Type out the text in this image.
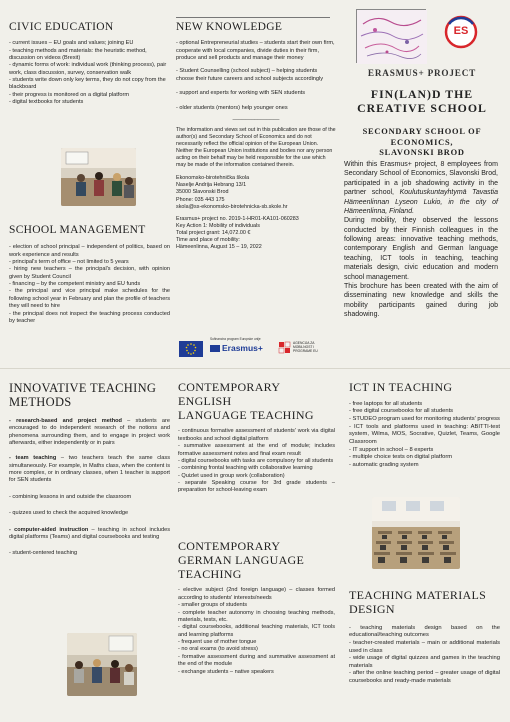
CIVIC EDUCATION

- current issues – EU goals and values; joining EU

- teaching methods and materials: the heuristic method, discussion on videos (Brexit)

- dynamic forms of work: individual work (thinking process), pair work, class discussion, survey, conservation walk

- students write down only key terms, they do not copy from the blackboard

- their progress is monitored on a digital platform

- digital textbooks for students

SCHOOL MANAGEMENT

- election of school principal – independent of politics, based on work experience and results

- principal's term of office – not limited to 5 years

- hiring new teachers – the principal's decision, with opinion given by Student Council

- financing – by the competent ministry and EU funds

- the principal and vice principal make schedules for the following school year in February and plan the profile of teachers they will need to hire

- the principal does not inspect the teaching process conducted by teacher

NEW KNOWLEDGE

- optional Entrepreneurial studies – students start their own firm, cooperate with local companies, divide duties in their firm, produce and sell products and manage their money

- Student Counselling (school subject) – helping students choose their future careers and school subjects accordingly

- support and experts for working with SEN students

- older students (mentors) help younger ones

_______________
The information and views set out in this publication are those of the author(s) and Secondary School of Economics and do not necessarily reflect the official opinion of the European Union. Neither the European Union institutions and bodies nor any person acting on their behalf may be held responsible for the use which may be made of the information contained therein.
Ekonomsko-birotehnička škola
Naselje Andrija Hebrang 13/1
35000 Slavonski Brod
Phone: 035 443 175
skola@ss-ekonomsko-birotehnicka-sb.skole.hr
Erasmus+ project no. 2019-1-HR01-KA101-060283
Key Action 1: Mobility of individuals
Total project grant: 14,072.00 €
Time and place of mobility:
Hämeenlinna, August 15 – 19, 2022
Sufinancira program Europske unije
Erasmus+	AGENCIJA ZA MOBILNOST I PROGRAME EU
ES
ERASMUS+ PROJECT
FIN(LAN)D THE
CREATIVE SCHOOL
SECONDARY SCHOOL OF
ECONOMICS,
SLAVONSKI BROD
Within this Erasmus+ project, 8 employees from Secondary School of Economics, Slavonski Brod, participated in a job shadowing activity in the partner school, Koulutuskuntayhtymä Tavastia Hämeenlinnan Lyseon Lukio, in the city of Hämeenlinna, Finland.
During mobility, they observed the lessons conducted by their Finnish colleagues in the following areas: innovative teaching methods, contemporary English and German language teaching, ICT tools in teaching, teaching materials design, civic education and modern school management.
This brochure has been created with the aim of disseminating new knowledge and skills the mobility participants gained during job shadowing.
INNOVATIVE TEACHING
METHODS

- research-based and project method – students are encouraged to do independent research of the notions and phenomena surrounding them, and to engage in project work afterwards, either independently or in pairs

- team teaching – two teachers teach the same class simultaneously. For example, in Maths class, when the content is more complex, or in ordinary classes, when 1 teacher is support for SEN students

- combining lessons in and outside the classroom

- quizzes used to check the acquired knowledge

- computer-aided instruction – teaching in school includes digital platforms (Teams) and digital coursebooks and testing

- student-centered teaching

CONTEMPORARY ENGLISH
LANGUAGE TEACHING

- continuous formative assessment of students' work via digital textbooks and school digital platform

- summative assessment at the end of module; includes formative assessment notes and final exam result

- digital coursebooks with tasks are compulsory for all students

- combining frontal teaching with collaborative learning

- Quizlet used in group work (collaboration)

- separate Speaking course for 3rd grade students – preparation for school-leaving exam

CONTEMPORARY
GERMAN LANGUAGE
TEACHING

- elective subject (2nd foreign language) – classes formed according to students' interests/needs

- smaller groups of students

- complete teacher autonomy in choosing teaching methods, materials, tests, etc.

- digital coursebooks, additional teaching materials, ICT tools and learning platforms

- frequent use of mother tongue

- no oral exams (to avoid stress)

- formative assessment during and summative assessment at the end of the module

- exchange students – native speakers

ICT IN TEACHING

- free laptops for all students

- free digital coursebooks for all students

- STUDEO program used for monitoring students' progress

- ICT tools and platforms used in teaching: ABITTI-test system, Wilma, MOS, Socrative, Quizlet, Teams, Google Classroom

- IT support in school – 8 experts

- multiple choice tests on digital platform

- automatic grading system

TEACHING MATERIALS
DESIGN

- teaching materials design based on the educational/teaching outcomes

- teacher-created materials – main or additional materials used in class

- wide usage of digital quizzes and games in the teaching materials

- after the online teaching period – greater usage of digital coursebooks and ready-made materials
